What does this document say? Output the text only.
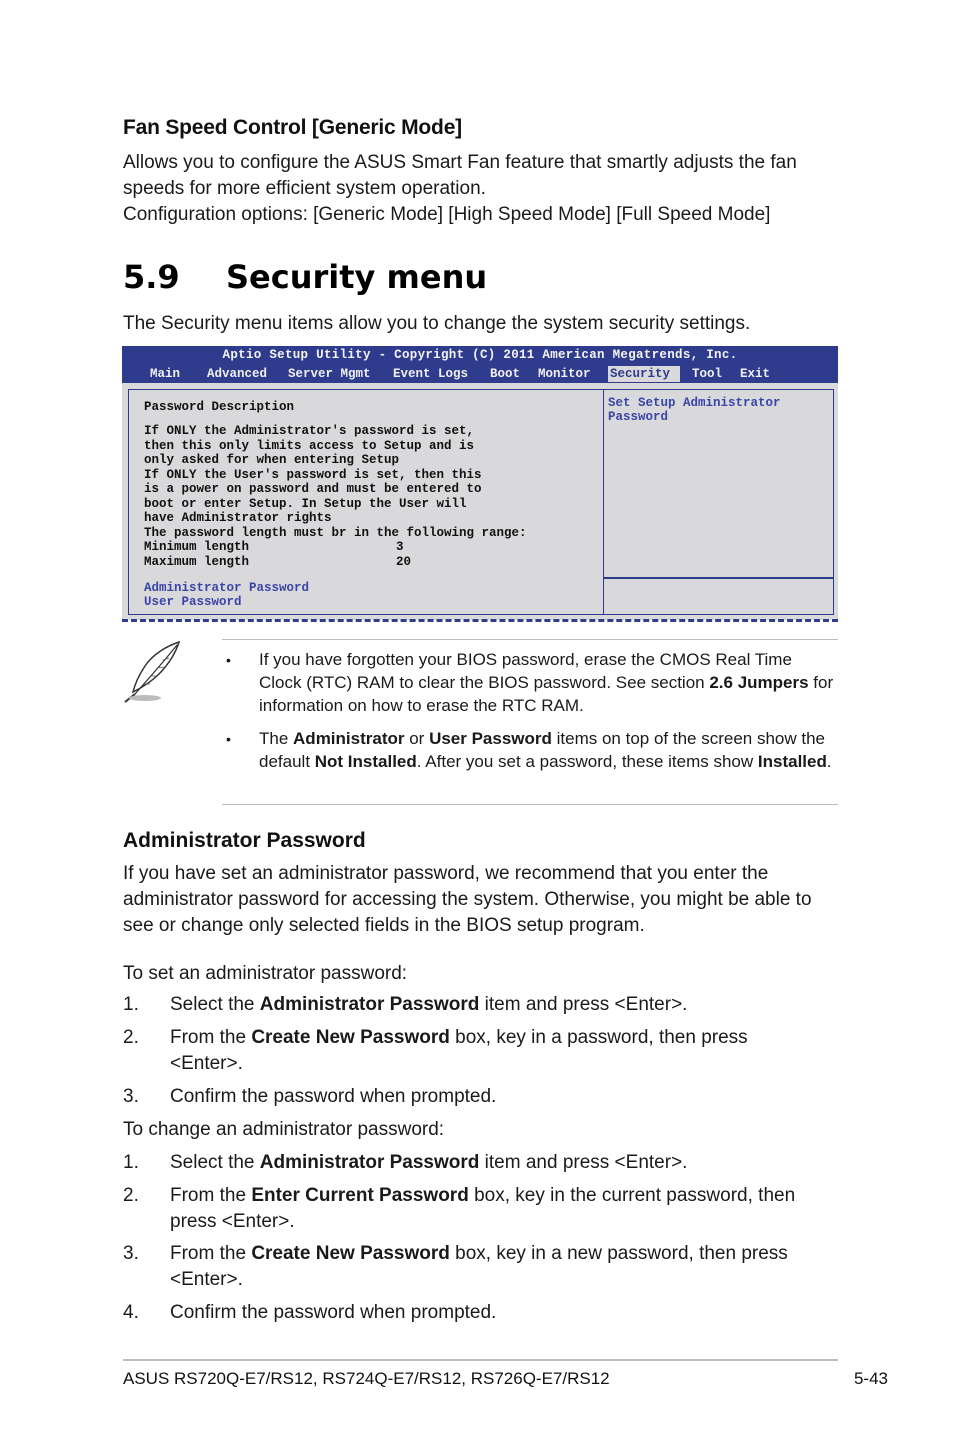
Fan Speed Control [Generic Mode]
Allows you to configure the ASUS Smart Fan feature that smartly adjusts the fan speeds for more efficient system operation.
Configuration options: [Generic Mode] [High Speed Mode] [Full Speed Mode]
5.9 Security menu
The Security menu items allow you to change the system security settings.
Aptio Setup Utility - Copyright (C) 2011 American Megatrends, Inc.
Main Advanced Server Mgmt Event Logs Boot Monitor Security	Tool Exit
Password Description
If ONLY the Administrator's password is set,
then this only limits access to Setup and is
only asked for when entering Setup
If ONLY the User's password is set, then this
is a power on password and must be entered to
boot or enter Setup. In Setup the User will
have Administrator rights
The password length must br in the following range:
Minimum length	3
Maximum length	20
Administrator Password
User Password
Set Setup Administrator
Password
• If you have forgotten your BIOS password, erase the CMOS Real Time Clock (RTC) RAM to clear the BIOS password. See section 2.6 Jumpers for information on how to erase the RTC RAM.
• The Administrator or User Password items on top of the screen show the default Not Installed. After you set a password, these items show Installed.
Administrator Password
If you have set an administrator password, we recommend that you enter the administrator password for accessing the system. Otherwise, you might be able to see or change only selected fields in the BIOS setup program.
To set an administrator password:
1. Select the Administrator Password item and press <Enter>.
2. From the Create New Password box, key in a password, then press <Enter>.
3. Confirm the password when prompted.
To change an administrator password:
1. Select the Administrator Password item and press <Enter>.
2. From the Enter Current Password box, key in the current password, then press <Enter>.
3. From the Create New Password box, key in a new password, then press <Enter>.
4. Confirm the password when prompted.
ASUS RS720Q-E7/RS12, RS724Q-E7/RS12, RS726Q-E7/RS12	5-43
